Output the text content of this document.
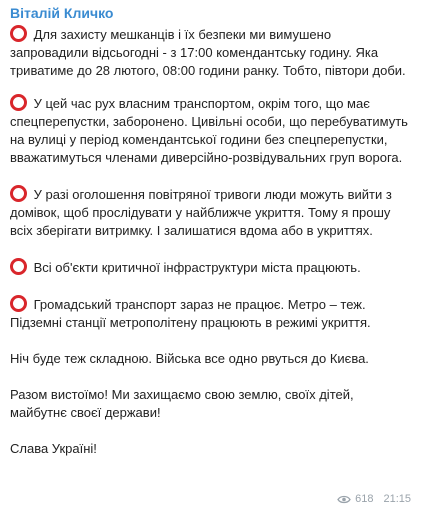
Віталій Кличко
Для захисту мешканців і їх безпеки ми вимушено запровадили відсьогодні - з 17:00 комендантську годину. Яка триватиме до 28 лютого, 08:00 години ранку. Тобто, півтори доби.
У цей час рух власним транспортом, окрім того, що має спецперепустки, заборонено. Цивільні особи, що перебуватимуть на вулиці у період комендантської години без спецперепустки, вважатимуться членами диверсійно-розвідувальних груп ворога.
У разі оголошення повітряної тривоги люди можуть вийти з домівок, щоб прослідувати у найближче укриття. Тому я прошу всіх зберігати витримку. І залишатися вдома або в укриттях.
Всі об'єкти критичної інфраструктури міста працюють.
Громадський транспорт зараз не працює. Метро – теж. Підземні станції метрополітену працюють в режимі укриття.
Ніч буде теж складною. Війська все одно рвуться до Києва.
Разом вистоїмо! Ми захищаємо свою землю, своїх дітей, майбутнє своєї держави!
Слава Україні!
618 21:15
